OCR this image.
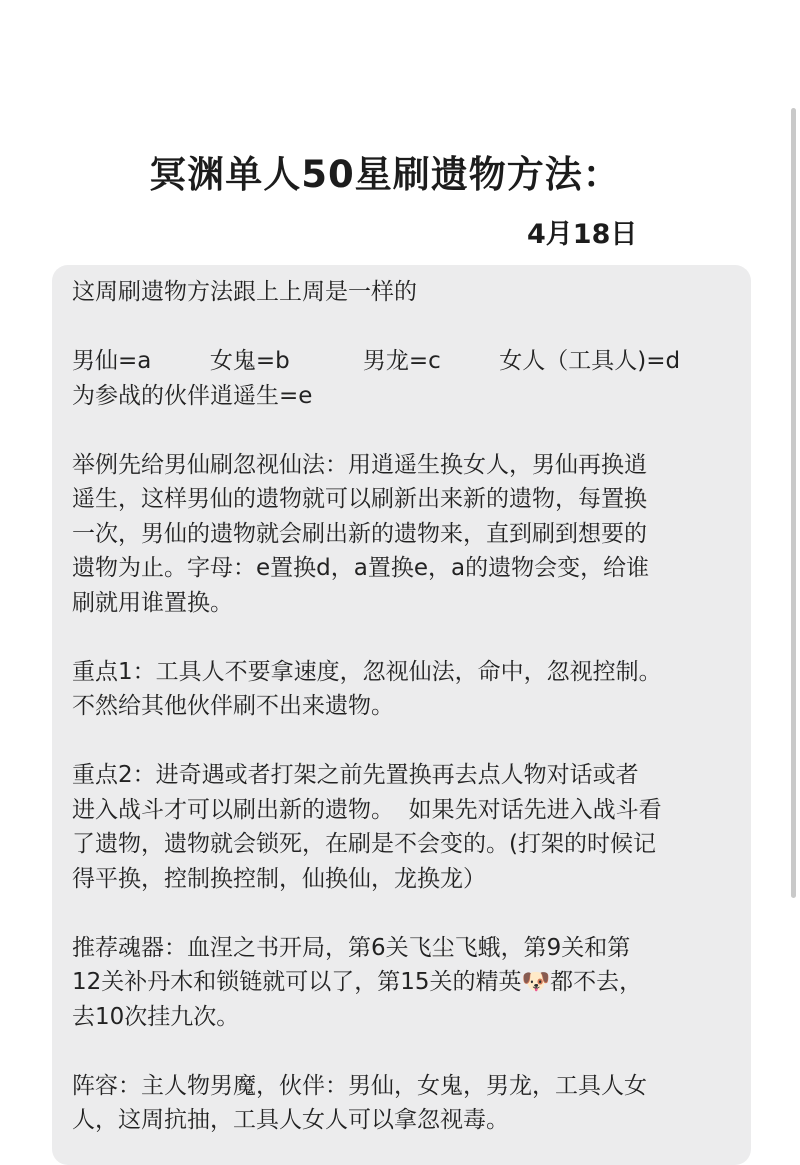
冥渊单人50星刷遗物方法：
4月18日
这周刷遗物方法跟上上周是一样的
男仙=a        女鬼=b          男龙=c        女人（工具人)=d
为参战的伙伴逍遥生=e
举例先给男仙刷忽视仙法：用逍遥生换女人，男仙再换逍
遥生，这样男仙的遗物就可以刷新出来新的遗物，每置换
一次，男仙的遗物就会刷出新的遗物来，直到刷到想要的
遗物为止。字母：e置换d，a置换e，a的遗物会变，给谁
刷就用谁置换。
重点1：工具人不要拿速度，忽视仙法，命中，忽视控制。
不然给其他伙伴刷不出来遗物。
重点2：进奇遇或者打架之前先置换再去点人物对话或者
进入战斗才可以刷出新的遗物。  如果先对话先进入战斗看
了遗物，遗物就会锁死，在刷是不会变的。(打架的时候记
得平换，控制换控制，仙换仙，龙换龙）
推荐魂器：血涅之书开局，第6关飞尘飞蛾，第9关和第
12关补丹木和锁链就可以了，第15关的精英🐶都不去，
去10次挂九次。
阵容：主人物男魔，伙伴：男仙，女鬼，男龙，工具人女
人，这周抗抽，工具人女人可以拿忽视毒。
